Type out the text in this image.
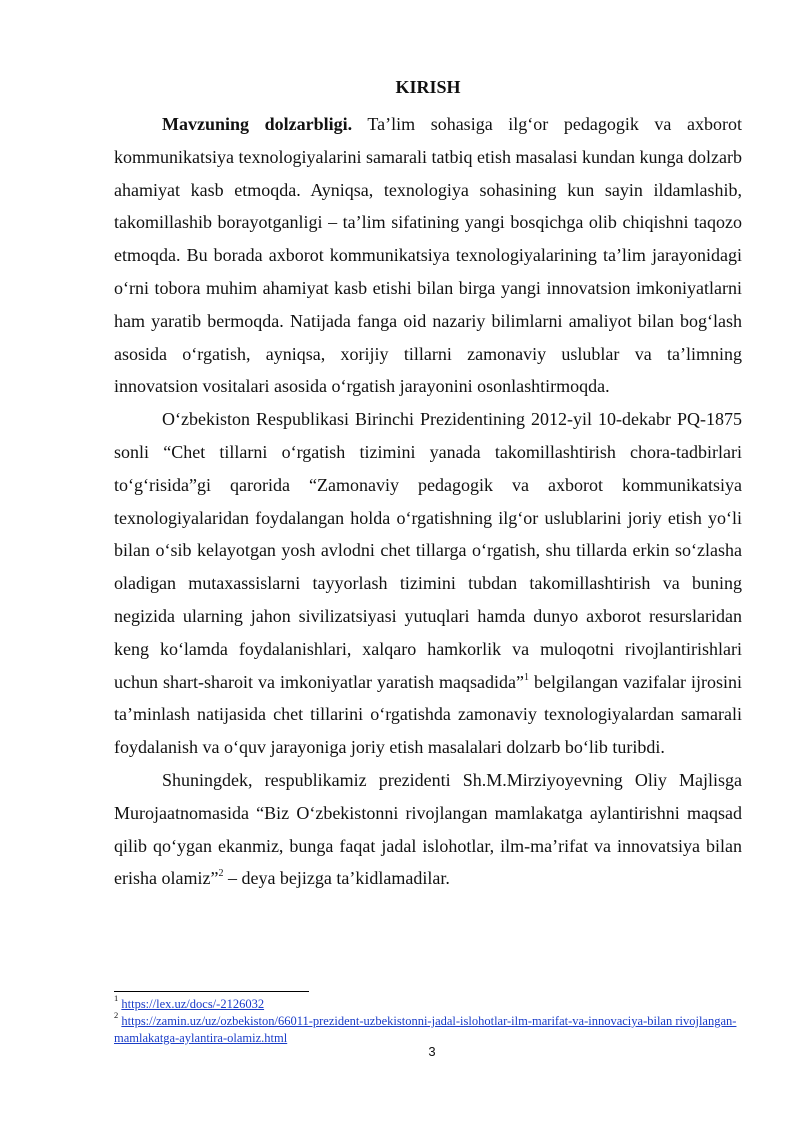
KIRISH

Mavzuning dolzarbligi. Ta’lim sohasiga ilg‘or pedagogik va axborot kommunikatsiya texnologiyalarini samarali tatbiq etish masalasi kundan kunga dolzarb ahamiyat kasb etmoqda. Ayniqsa, texnologiya sohasining kun sayin ildamlashib, takomillashib borayotganligi – ta’lim sifatining yangi bosqichga olib chiqishni taqozo etmoqda. Bu borada axborot kommunikatsiya texnologiyalarining ta’lim jarayonidagi o‘rni tobora muhim ahamiyat kasb etishi bilan birga yangi innovatsion imkoniyatlarni ham yaratib bermoqda. Natijada fanga oid nazariy bilimlarni amaliyot bilan bog‘lash asosida o‘rgatish, ayniqsa, xorijiy tillarni zamonaviy uslublar va ta’limning innovatsion vositalari asosida o‘rgatish jarayonini osonlashtirmoqda.

O‘zbekiston Respublikasi Birinchi Prezidentining 2012-yil 10-dekabr PQ-1875 sonli “Chet tillarni o‘rgatish tizimini yanada takomillashtirish chora-tadbirlari to‘g‘risida”gi qarorida “Zamonaviy pedagogik va axborot kommunikatsiya texnologiyalaridan foydalangan holda o‘rgatishning ilg‘or uslublarini joriy etish yo‘li bilan o‘sib kelayotgan yosh avlodni chet tillarga o‘rgatish, shu tillarda erkin so‘zlasha oladigan mutaxassislarni tayyorlash tizimini tubdan takomillashtirish va buning negizida ularning jahon sivilizatsiyasi yutuqlari hamda dunyo axborot resurslaridan keng ko‘lamda foydalanishlari, xalqaro hamkorlik va muloqotni rivojlantirishlari uchun shart-sharoit va imkoniyatlar yaratish maqsadida”$^1$ belgilangan vazifalar ijrosini ta’minlash natijasida chet tillarini o‘rgatishda zamonaviy texnologiyalardan samarali foydalanish va o‘quv jarayoniga joriy etish masalalari dolzarb bo‘lib turibdi.

Shuningdek, respublikamiz prezidenti Sh.M.Mirziyoyevning Oliy Majlisga Murojaatnomasida “Biz O‘zbekistonni rivojlangan mamlakatga aylantirishni maqsad qilib qo‘ygan ekanmiz, bunga faqat jadal islohotlar, ilm-ma’rifat va innovatsiya bilan erisha olamiz”$^2$ – deya bejizga ta’kidlamadilar.

$^1$ https://lex.uz/docs/-2126032
$^2$ https://zamin.uz/uz/ozbekiston/66011-prezident-uzbekistonni-jadal-islohotlar-ilm-marifat-va-innovaciya-bilan rivojlangan-mamlakatga-aylantira-olamiz.html
3
